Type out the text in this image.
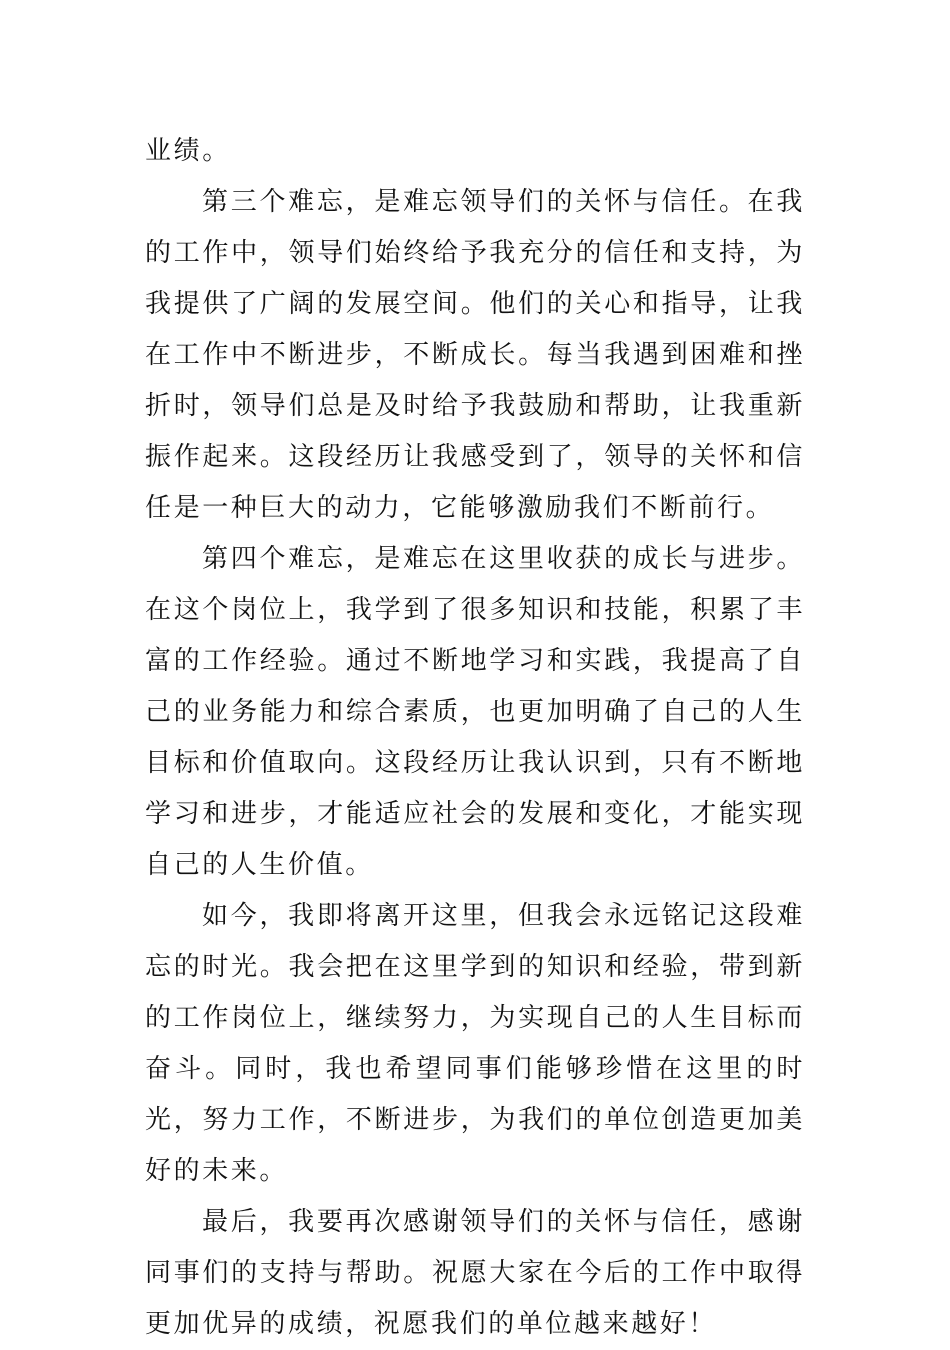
业绩。

第三个难忘，是难忘领导们的关怀与信任。在我的工作中，领导们始终给予我充分的信任和支持，为我提供了广阔的发展空间。他们的关心和指导，让我在工作中不断进步，不断成长。每当我遇到困难和挫折时，领导们总是及时给予我鼓励和帮助，让我重新振作起来。这段经历让我感受到了，领导的关怀和信任是一种巨大的动力，它能够激励我们不断前行。

第四个难忘，是难忘在这里收获的成长与进步。在这个岗位上，我学到了很多知识和技能，积累了丰富的工作经验。通过不断地学习和实践，我提高了自己的业务能力和综合素质，也更加明确了自己的人生目标和价值取向。这段经历让我认识到，只有不断地学习和进步，才能适应社会的发展和变化，才能实现自己的人生价值。

如今，我即将离开这里，但我会永远铭记这段难忘的时光。我会把在这里学到的知识和经验，带到新的工作岗位上，继续努力，为实现自己的人生目标而奋斗。同时，我也希望同事们能够珍惜在这里的时光，努力工作，不断进步，为我们的单位创造更加美好的未来。

最后，我要再次感谢领导们的关怀与信任，感谢同事们的支持与帮助。祝愿大家在今后的工作中取得更加优异的成绩，祝愿我们的单位越来越好！
